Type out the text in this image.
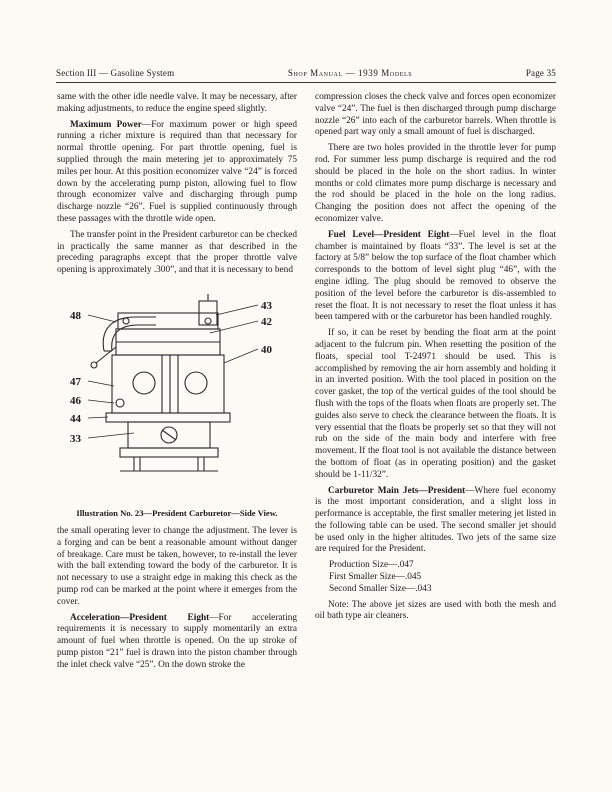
Section III — Gasoline System	Shop Manual — 1939 Models	Page 35

same with the other idle needle valve. It may be necessary, after making adjustments, to reduce the engine speed slightly.

Maximum Power—For maximum power or high speed running a richer mixture is required than that necessary for normal throttle opening. For part throttle opening, fuel is supplied through the main metering jet to approximately 75 miles per hour. At this position economizer valve “24” is forced down by the accelerating pump piston, allowing fuel to flow through economizer valve and discharging through pump discharge nozzle “26”. Fuel is supplied continuously through these passages with the throttle wide open.

The transfer point in the President carburetor can be checked in practically the same manner as that described in the preceding paragraphs except that the proper throttle valve opening is approximately .300”, and that it is necessary to bend

43
42
40
48
47
46
44
33
Illustration No. 23—President Carburetor—Side View.

the small operating lever to change the adjustment. The lever is a forging and can be bent a reasonable amount without danger of breakage. Care must be taken, however, to re-install the lever with the ball extending toward the body of the carburetor. It is not necessary to use a straight edge in making this check as the pump rod can be marked at the point where it emerges from the cover.

Acceleration—President Eight—For accelerating requirements it is necessary to supply momentarily an extra amount of fuel when throttle is opened. On the up stroke of pump piston “21” fuel is drawn into the piston chamber through the inlet check valve “25”. On the down stroke the

compression closes the check valve and forces open economizer valve “24”. The fuel is then discharged through pump discharge nozzle “26” into each of the carburetor barrels. When throttle is opened part way only a small amount of fuel is discharged.

There are two holes provided in the throttle lever for pump rod. For summer less pump discharge is required and the rod should be placed in the hole on the short radius. In winter months or cold climates more pump discharge is necessary and the rod should be placed in the hole on the long radius. Changing the position does not affect the opening of the economizer valve.

Fuel Level—President Eight—Fuel level in the float chamber is maintained by floats “33”. The level is set at the factory at 5/8” below the top surface of the float chamber which corresponds to the bottom of level sight plug “46”, with the engine idling. The plug should be removed to observe the position of the level before the carburetor is dis-assembled to reset the float. It is not necessary to reset the float unless it has been tampered with or the carburetor has been handled roughly.

If so, it can be reset by bending the float arm at the point adjacent to the fulcrum pin. When resetting the position of the floats, special tool T-24971 should be used. This is accomplished by removing the air horn assembly and holding it in an inverted position. With the tool placed in position on the cover gasket, the top of the vertical guides of the tool should be flush with the tops of the floats when floats are properly set. The guides also serve to check the clearance between the floats. It is very essential that the floats be properly set so that they will not rub on the side of the main body and interfere with free movement. If the float tool is not available the distance between the bottom of float (as in operating position) and the gasket should be 1-11/32”.

Carburetor Main Jets—President—Where fuel economy is the most important consideration, and a slight loss in performance is acceptable, the first smaller metering jet listed in the following table can be used. The second smaller jet should be used only in the higher altitudes. Two jets of the same size are required for the President.

Production Size—.047
First Smaller Size—.045
Second Smaller Size—.043

Note: The above jet sizes are used with both the mesh and oil bath type air cleaners.
